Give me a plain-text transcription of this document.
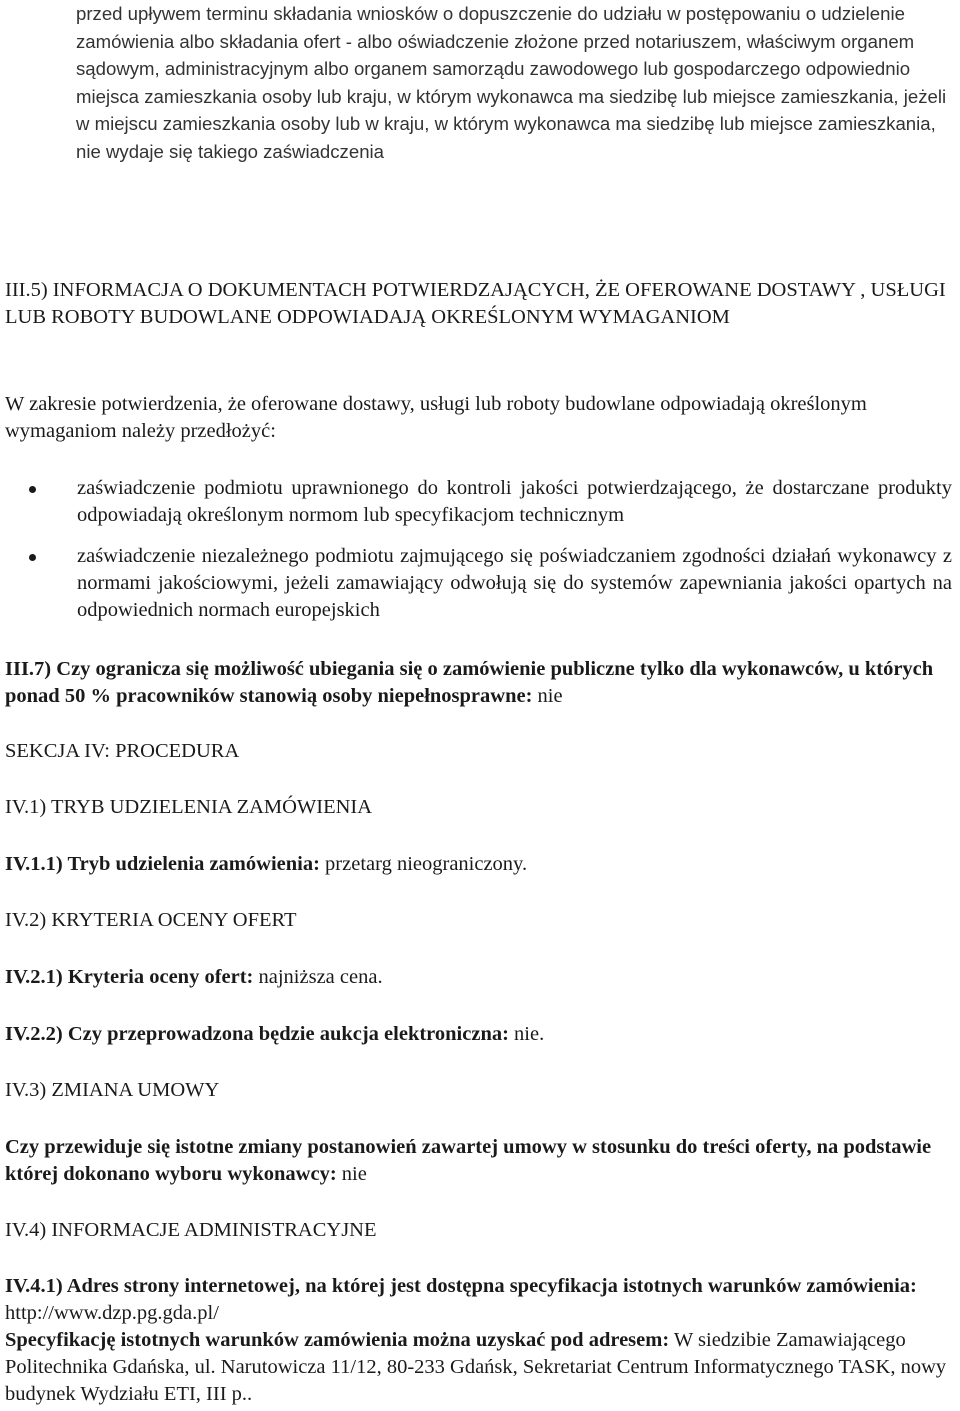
przed upływem terminu składania wniosków o dopuszczenie do udziału w postępowaniu o udzielenie zamówienia albo składania ofert - albo oświadczenie złożone przed notariuszem, właściwym organem sądowym, administracyjnym albo organem samorządu zawodowego lub gospodarczego odpowiednio miejsca zamieszkania osoby lub kraju, w którym wykonawca ma siedzibę lub miejsce zamieszkania, jeżeli w miejscu zamieszkania osoby lub w kraju, w którym wykonawca ma siedzibę lub miejsce zamieszkania, nie wydaje się takiego zaświadczenia

III.5) INFORMACJA O DOKUMENTACH POTWIERDZAJĄCYCH, ŻE OFEROWANE DOSTAWY , USŁUGI LUB ROBOTY BUDOWLANE ODPOWIADAJĄ OKREŚLONYM WYMAGANIOM

W zakresie potwierdzenia, że oferowane dostawy, usługi lub roboty budowlane odpowiadają określonym wymaganiom należy przedłożyć:

zaświadczenie podmiotu uprawnionego do kontroli jakości potwierdzającego, że dostarczane produkty odpowiadają określonym normom lub specyfikacjom technicznym

zaświadczenie niezależnego podmiotu zajmującego się poświadczaniem zgodności działań wykonawcy z normami jakościowymi, jeżeli zamawiający odwołują się do systemów zapewniania jakości opartych na odpowiednich normach europejskich

III.7) Czy ogranicza się możliwość ubiegania się o zamówienie publiczne tylko dla wykonawców, u których ponad 50 % pracowników stanowią osoby niepełnosprawne: nie

SEKCJA IV: PROCEDURA

IV.1) TRYB UDZIELENIA ZAMÓWIENIA

IV.1.1) Tryb udzielenia zamówienia: przetarg nieograniczony.

IV.2) KRYTERIA OCENY OFERT

IV.2.1) Kryteria oceny ofert: najniższa cena.

IV.2.2) Czy przeprowadzona będzie aukcja elektroniczna: nie.

IV.3) ZMIANA UMOWY

Czy przewiduje się istotne zmiany postanowień zawartej umowy w stosunku do treści oferty, na podstawie której dokonano wyboru wykonawcy: nie

IV.4) INFORMACJE ADMINISTRACYJNE

IV.4.1) Adres strony internetowej, na której jest dostępna specyfikacja istotnych warunków zamówienia: http://www.dzp.pg.gda.pl/
Specyfikację istotnych warunków zamówienia można uzyskać pod adresem: W siedzibie Zamawiającego Politechnika Gdańska, ul. Narutowicza 11/12, 80-233 Gdańsk, Sekretariat Centrum Informatycznego TASK, nowy budynek Wydziału ETI, III p..
